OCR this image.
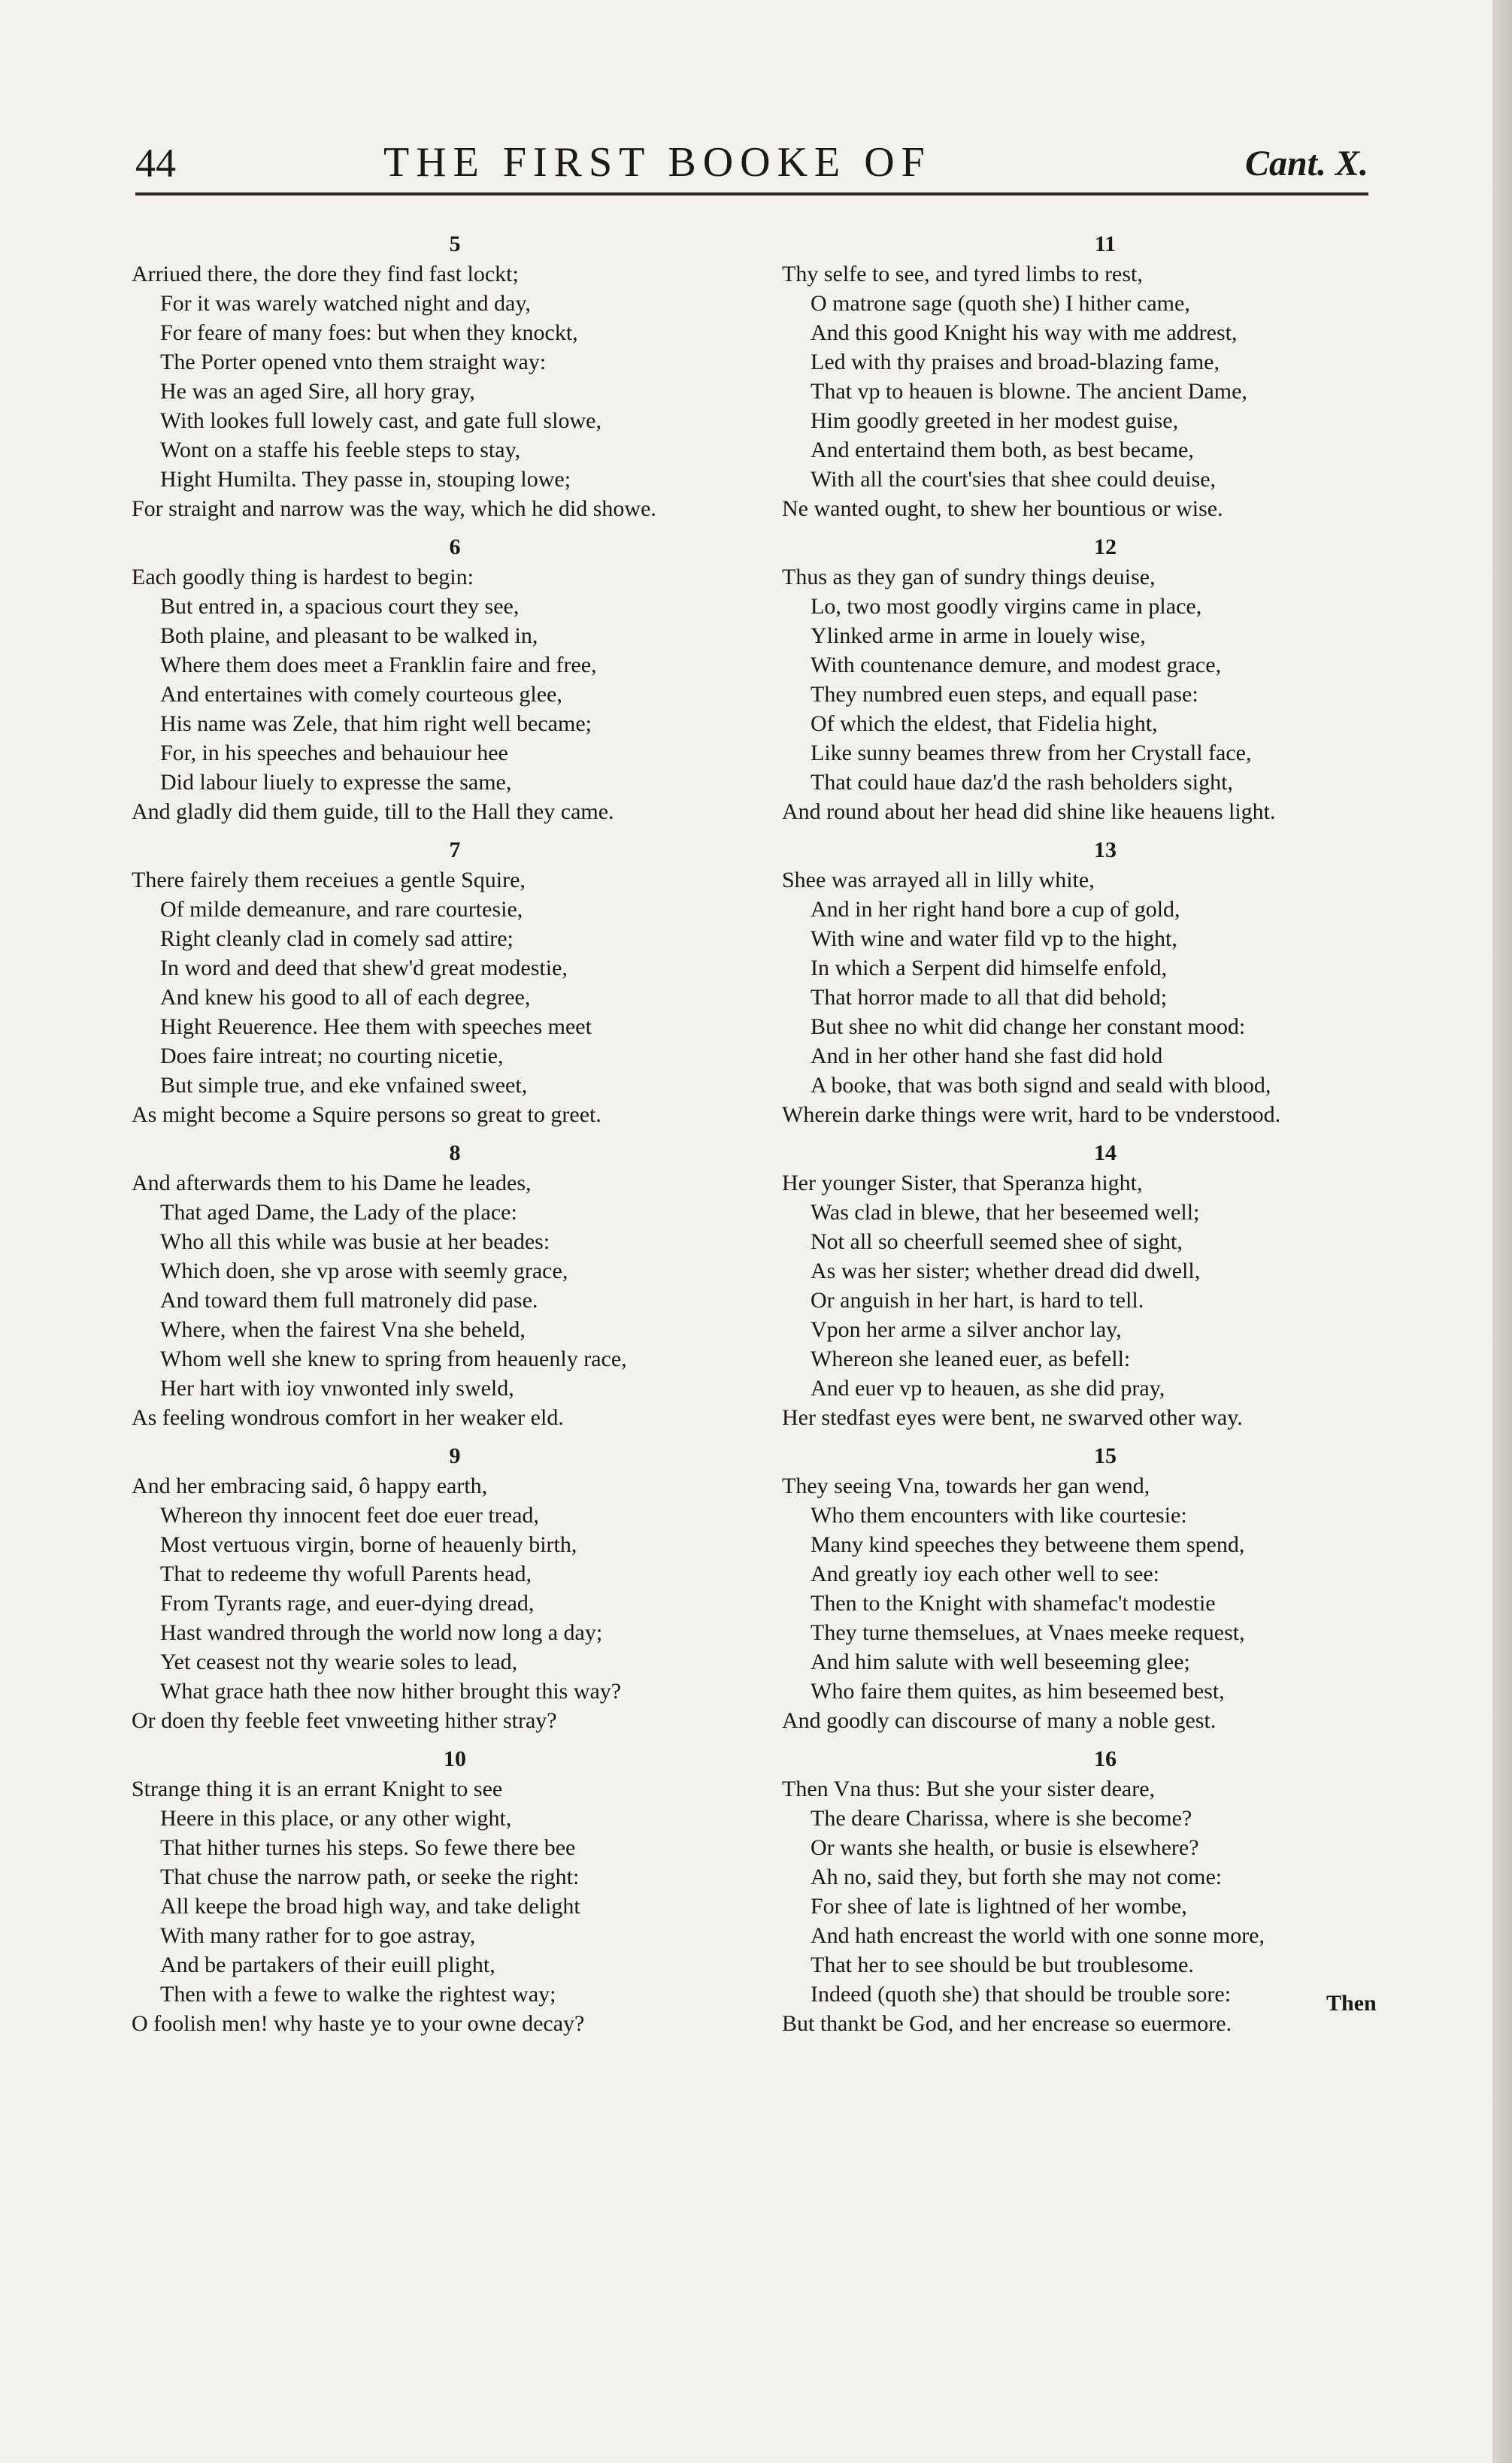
44	THE FIRST BOOKE OF	Cant. X.
5
Arriued there, the dore they find fast lockt;
For it was warely watched night and day,
For feare of many foes: but when they knockt,
The Porter opened vnto them straight way:
He was an aged Sire, all hory gray,
With lookes full lowely cast, and gate full slowe,
Wont on a staffe his feeble steps to stay,
Hight Humilta. They passe in, stouping lowe;
For straight and narrow was the way, which he did showe.
6
Each goodly thing is hardest to begin:
But entred in, a spacious court they see,
Both plaine, and pleasant to be walked in,
Where them does meet a Franklin faire and free,
And entertaines with comely courteous glee,
His name was Zele, that him right well became;
For, in his speeches and behauiour hee
Did labour liuely to expresse the same,
And gladly did them guide, till to the Hall they came.
7
There fairely them receiues a gentle Squire,
Of milde demeanure, and rare courtesie,
Right cleanly clad in comely sad attire;
In word and deed that shew'd great modestie,
And knew his good to all of each degree,
Hight Reuerence. Hee them with speeches meet
Does faire intreat; no courting nicetie,
But simple true, and eke vnfained sweet,
As might become a Squire persons so great to greet.
8
And afterwards them to his Dame he leades,
That aged Dame, the Lady of the place:
Who all this while was busie at her beades:
Which doen, she vp arose with seemly grace,
And toward them full matronely did pase.
Where, when the fairest Vna she beheld,
Whom well she knew to spring from heauenly race,
Her hart with ioy vnwonted inly sweld,
As feeling wondrous comfort in her weaker eld.
9
And her embracing said, ô happy earth,
Whereon thy innocent feet doe euer tread,
Most vertuous virgin, borne of heauenly birth,
That to redeeme thy wofull Parents head,
From Tyrants rage, and euer-dying dread,
Hast wandred through the world now long a day;
Yet ceasest not thy wearie soles to lead,
What grace hath thee now hither brought this way?
Or doen thy feeble feet vnweeting hither stray?
10
Strange thing it is an errant Knight to see
Heere in this place, or any other wight,
That hither turnes his steps. So fewe there bee
That chuse the narrow path, or seeke the right:
All keepe the broad high way, and take delight
With many rather for to goe astray,
And be partakers of their euill plight,
Then with a fewe to walke the rightest way;
O foolish men! why haste ye to your owne decay?
11
Thy selfe to see, and tyred limbs to rest,
O matrone sage (quoth she) I hither came,
And this good Knight his way with me addrest,
Led with thy praises and broad-blazing fame,
That vp to heauen is blowne. The ancient Dame,
Him goodly greeted in her modest guise,
And entertaind them both, as best became,
With all the court'sies that shee could deuise,
Ne wanted ought, to shew her bountious or wise.
12
Thus as they gan of sundry things deuise,
Lo, two most goodly virgins came in place,
Ylinked arme in arme in louely wise,
With countenance demure, and modest grace,
They numbred euen steps, and equall pase:
Of which the eldest, that Fidelia hight,
Like sunny beames threw from her Crystall face,
That could haue daz'd the rash beholders sight,
And round about her head did shine like heauens light.
13
Shee was arrayed all in lilly white,
And in her right hand bore a cup of gold,
With wine and water fild vp to the hight,
In which a Serpent did himselfe enfold,
That horror made to all that did behold;
But shee no whit did change her constant mood:
And in her other hand she fast did hold
A booke, that was both signd and seald with blood,
Wherein darke things were writ, hard to be vnderstood.
14
Her younger Sister, that Speranza hight,
Was clad in blewe, that her beseemed well;
Not all so cheerfull seemed shee of sight,
As was her sister; whether dread did dwell,
Or anguish in her hart, is hard to tell.
Vpon her arme a silver anchor lay,
Whereon she leaned euer, as befell:
And euer vp to heauen, as she did pray,
Her stedfast eyes were bent, ne swarved other way.
15
They seeing Vna, towards her gan wend,
Who them encounters with like courtesie:
Many kind speeches they betweene them spend,
And greatly ioy each other well to see:
Then to the Knight with shamefac't modestie
They turne themselues, at Vnaes meeke request,
And him salute with well beseeming glee;
Who faire them quites, as him beseemed best,
And goodly can discourse of many a noble gest.
16
Then Vna thus: But she your sister deare,
The deare Charissa, where is she become?
Or wants she health, or busie is elsewhere?
Ah no, said they, but forth she may not come:
For shee of late is lightned of her wombe,
And hath encreast the world with one sonne more,
That her to see should be but troublesome.
Indeed (quoth she) that should be trouble sore:
But thankt be God, and her encrease so euermore.
Then
